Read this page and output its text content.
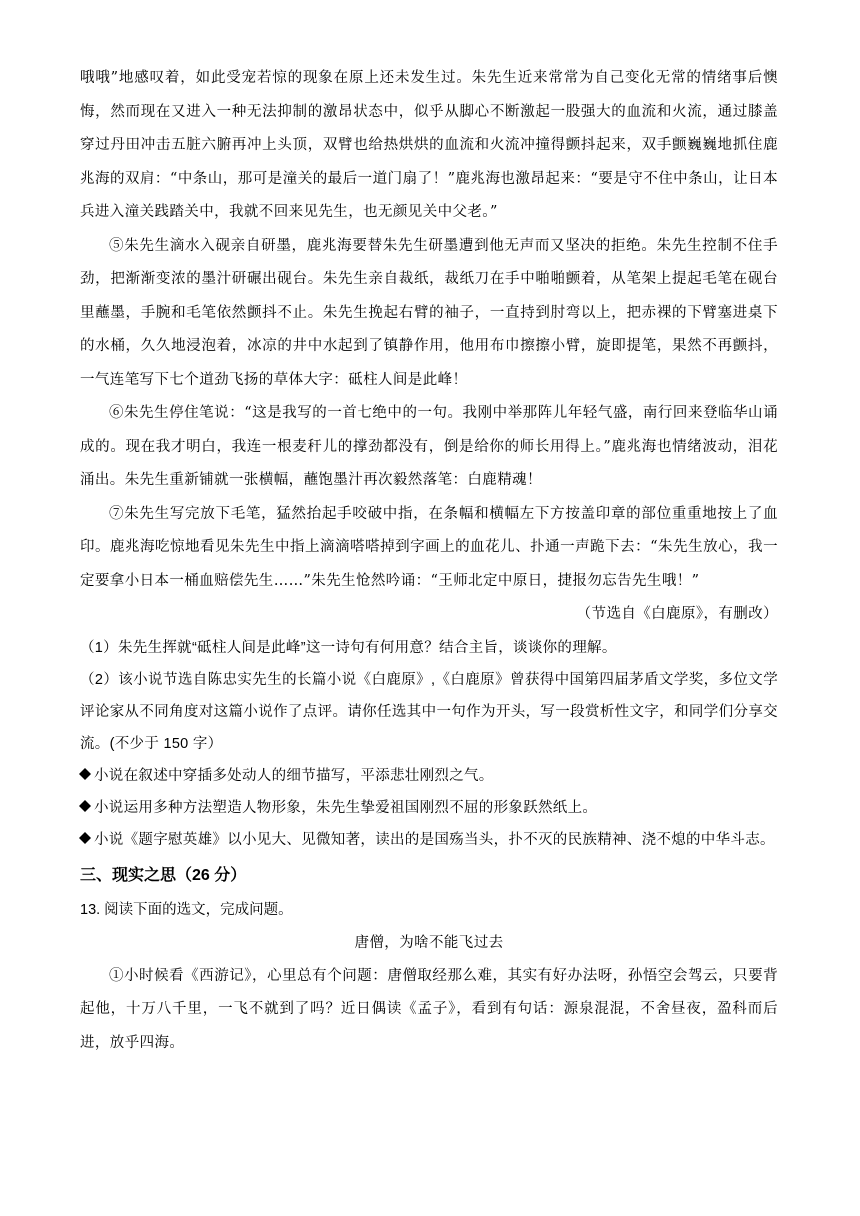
哦哦”地感叹着，如此受宠若惊的现象在原上还未发生过。朱先生近来常常为自己变化无常的情绪事后懊悔，然而现在又进入一种无法抑制的激昂状态中，似乎从脚心不断激起一股强大的血流和火流，通过膝盖穿过丹田冲击五脏六腑再冲上头顶，双臂也给热烘烘的血流和火流冲撞得颤抖起来，双手颤巍巍地抓住鹿兆海的双肩：“中条山，那可是潼关的最后一道门扇了！”鹿兆海也激昂起来：“要是守不住中条山，让日本兵进入潼关践踏关中，我就不回来见先生，也无颜见关中父老。”

⑤朱先生滴水入砚亲自研墨，鹿兆海要替朱先生研墨遭到他无声而又坚决的拒绝。朱先生控制不住手劲，把渐渐变浓的墨汁研碾出砚台。朱先生亲自裁纸，裁纸刀在手中啪啪颤着，从笔架上提起毛笔在砚台里蘸墨，手腕和毛笔依然颤抖不止。朱先生挽起右臂的袖子，一直持到肘弯以上，把赤裸的下臂塞进桌下的水桶，久久地浸泡着，冰凉的井中水起到了镇静作用，他用布巾擦擦小臂，旋即提笔，果然不再颤抖，一气连笔写下七个道劲飞扬的草体大字：砥柱人间是此峰！

⑥朱先生停住笔说：“这是我写的一首七绝中的一句。我刚中举那阵儿年轻气盛，南行回来登临华山诵成的。现在我才明白，我连一根麦秆儿的撑劲都没有，倒是给你的师长用得上。”鹿兆海也情绪波动，泪花涌出。朱先生重新铺就一张横幅，蘸饱墨汁再次毅然落笔：白鹿精魂！

⑦朱先生写完放下毛笔，猛然抬起手咬破中指，在条幅和横幅左下方按盖印章的部位重重地按上了血印。鹿兆海吃惊地看见朱先生中指上滴滴嗒嗒掉到字画上的血花儿、扑通一声跪下去：“朱先生放心，我一定要拿小日本一桶血赔偿先生……”朱先生怆然吟诵：“王师北定中原日，捷报勿忘告先生哦！”

（节选自《白鹿原》，有删改）

（1）朱先生挥就“砥柱人间是此峰”这一诗句有何用意？结合主旨，谈谈你的理解。

（2）该小说节选自陈忠实先生的长篇小说《白鹿原》,《白鹿原》曾获得中国第四届茅盾文学奖，多位文学评论家从不同角度对这篇小说作了点评。请你任选其中一句作为开头，写一段赏析性文字，和同学们分享交流。(不少于 150 字）

小说在叙述中穿插多处动人的细节描写，平添悲壮刚烈之气。

小说运用多种方法塑造人物形象，朱先生挚爱祖国刚烈不屈的形象跃然纸上。

小说《题字慰英雄》以小见大、见微知著，读出的是国殇当头，扑不灭的民族精神、浇不熄的中华斗志。

三、现实之思（26 分）

13. 阅读下面的选文，完成问题。

唐僧，为啥不能飞过去

①小时候看《西游记》，心里总有个问题：唐僧取经那么难，其实有好办法呀，孙悟空会驾云，只要背起他，十万八千里，一飞不就到了吗？近日偶读《孟子》，看到有句话：源泉混混，不舍昼夜，盈科而后进，放乎四海。
